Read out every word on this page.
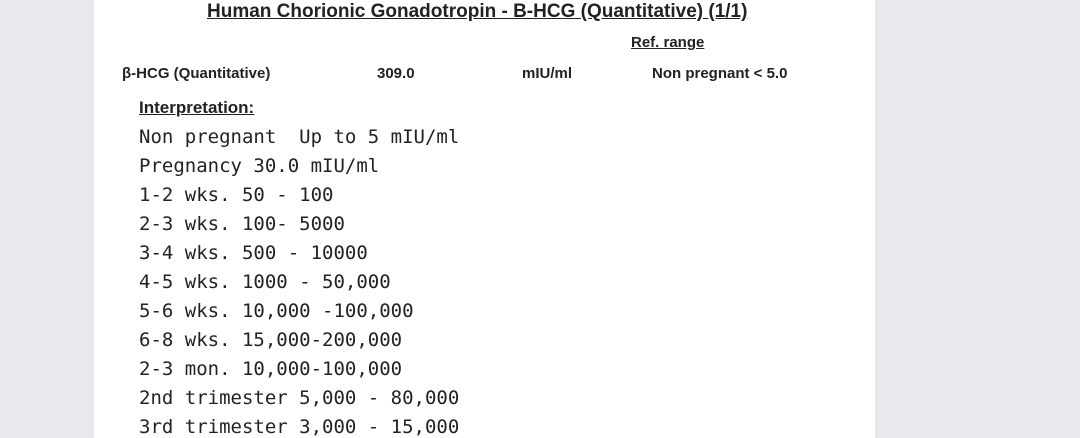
Human Chorionic Gonadotropin - B-HCG (Quantitative) (1/1)
Ref. range
β-HCG (Quantitative)	309.0	mIU/ml	Non pregnant < 5.0
Interpretation:
Non pregnant  Up to 5 mIU/ml
Pregnancy 30.0 mIU/ml
1-2 wks. 50 - 100
2-3 wks. 100- 5000
3-4 wks. 500 - 10000
4-5 wks. 1000 - 50,000
5-6 wks. 10,000 -100,000
6-8 wks. 15,000-200,000
2-3 mon. 10,000-100,000
2nd trimester 5,000 - 80,000
3rd trimester 3,000 - 15,000
